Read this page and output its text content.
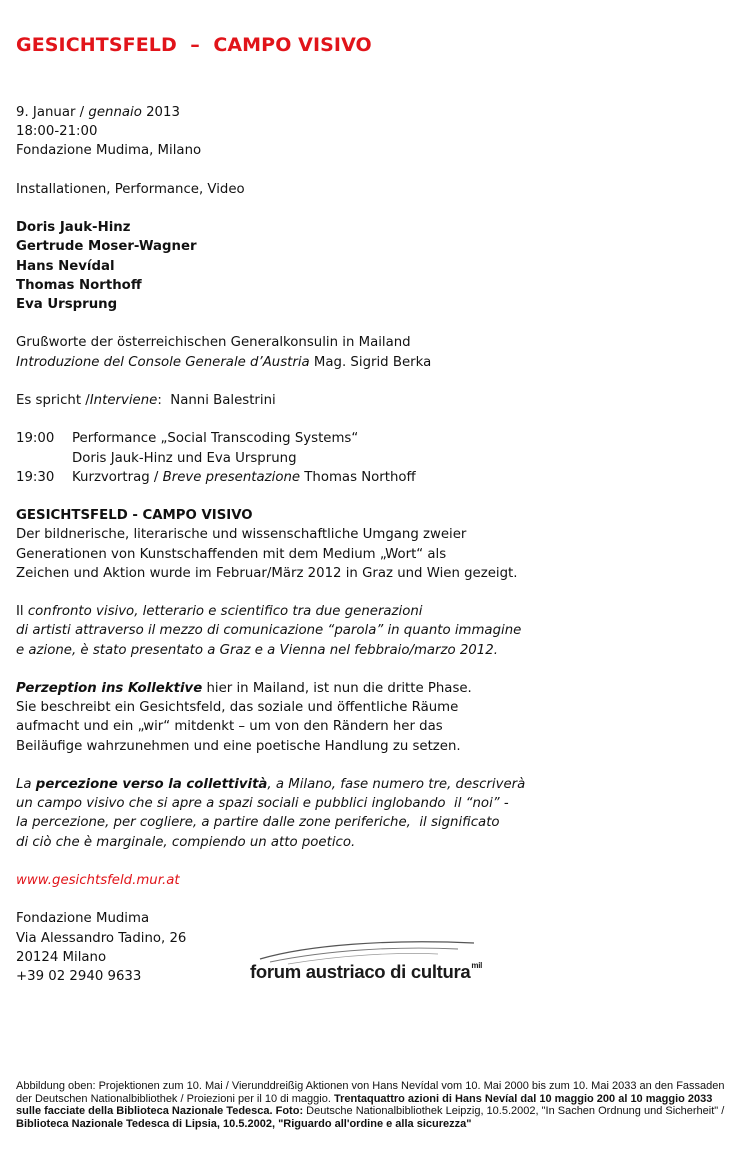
GESICHTSFELD  –  CAMPO VISIVO

9. Januar / gennaio 2013

18:00-21:00

Fondazione Mudima, Milano

Installationen, Performance, Video

Doris Jauk-Hinz

Gertrude Moser-Wagner

Hans Nevídal

Thomas Northoff

Eva Ursprung

Grußworte der österreichischen Generalkonsulin in Mailand

Introduzione del Console Generale d’Austria Mag. Sigrid Berka

Es spricht /Interviene:  Nanni Balestrini

19:00	Performance „Social Transcoding Systems“
Doris Jauk-Hinz und Eva Ursprung
19:30	Kurzvortrag / Breve presentazione Thomas Northoff

GESICHTSFELD - CAMPO VISIVO

Der bildnerische, literarische und wissenschaftliche Umgang zweier

Generationen von Kunstschaffenden mit dem Medium „Wort“ als

Zeichen und Aktion wurde im Februar/März 2012 in Graz und Wien gezeigt.

Il confronto visivo, letterario e scientifico tra due generazioni

di artisti attraverso il mezzo di comunicazione “parola” in quanto immagine

e azione, è stato presentato a Graz e a Vienna nel febbraio/marzo 2012.

Perzeption ins Kollektive hier in Mailand, ist nun die dritte Phase.

Sie beschreibt ein Gesichtsfeld, das soziale und öffentliche Räume

aufmacht und ein „wir“ mitdenkt – um von den Rändern her das

Beiläufige wahrzunehmen und eine poetische Handlung zu setzen.

La percezione verso la collettività, a Milano, fase numero tre, descriverà

un campo visivo che si apre a spazi sociali e pubblici inglobando  il “noi” -

la percezione, per cogliere, a partire dalle zone periferiche,  il significato

di ciò che è marginale, compiendo un atto poetico.

www.gesichtsfeld.mur.at

Fondazione Mudima

Via Alessandro Tadino, 26

20124 Milano

+39 02 2940 9633	forum austriaco di cultura$^{mil}$
Abbildung oben: Projektionen zum 10. Mai / Vierunddreißig Aktionen von Hans Nevídal vom 10. Mai 2000 bis zum 10. Mai 2033 an den Fassaden der Deutschen Nationalbibliothek / Proiezioni per il 10 di maggio. Trentaquattro azioni di Hans Nevíal dal 10 maggio 200 al 10 maggio 2033 sulle facciate della Biblioteca Nazionale Tedesca. Foto: Deutsche Nationalbibliothek Leipzig, 10.5.2002, "In Sachen Ordnung und Sicherheit" / Biblioteca Nazionale Tedesca di Lipsia, 10.5.2002, "Riguardo all'ordine e alla sicurezza"
